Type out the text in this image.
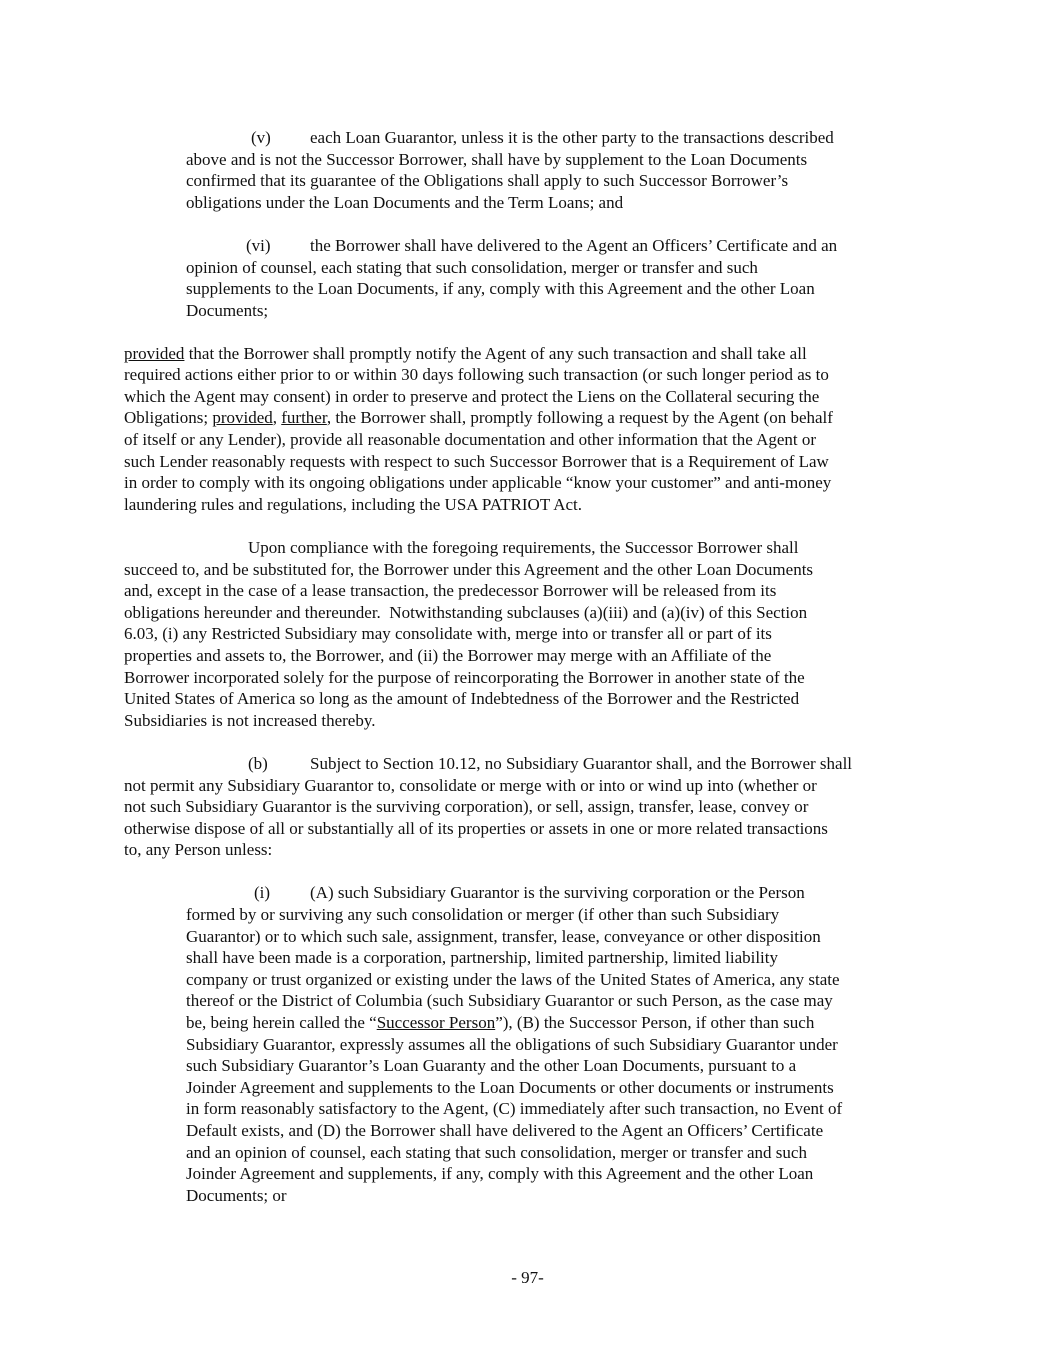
(v) each Loan Guarantor, unless it is the other party to the transactions described
above and is not the Successor Borrower, shall have by supplement to the Loan Documents
confirmed that its guarantee of the Obligations shall apply to such Successor Borrower’s
obligations under the Loan Documents and the Term Loans; and
(vi) the Borrower shall have delivered to the Agent an Officers’ Certificate and an
opinion of counsel, each stating that such consolidation, merger or transfer and such
supplements to the Loan Documents, if any, comply with this Agreement and the other Loan
Documents;
provided that the Borrower shall promptly notify the Agent of any such transaction and shall take all
required actions either prior to or within 30 days following such transaction (or such longer period as to
which the Agent may consent) in order to preserve and protect the Liens on the Collateral securing the
Obligations; provided, further, the Borrower shall, promptly following a request by the Agent (on behalf
of itself or any Lender), provide all reasonable documentation and other information that the Agent or
such Lender reasonably requests with respect to such Successor Borrower that is a Requirement of Law
in order to comply with its ongoing obligations under applicable “know your customer” and anti-money
laundering rules and regulations, including the USA PATRIOT Act.
Upon compliance with the foregoing requirements, the Successor Borrower shall
succeed to, and be substituted for, the Borrower under this Agreement and the other Loan Documents
and, except in the case of a lease transaction, the predecessor Borrower will be released from its
obligations hereunder and thereunder.  Notwithstanding subclauses (a)(iii) and (a)(iv) of this Section
6.03, (i) any Restricted Subsidiary may consolidate with, merge into or transfer all or part of its
properties and assets to, the Borrower, and (ii) the Borrower may merge with an Affiliate of the
Borrower incorporated solely for the purpose of reincorporating the Borrower in another state of the
United States of America so long as the amount of Indebtedness of the Borrower and the Restricted
Subsidiaries is not increased thereby.
(b) Subject to Section 10.12, no Subsidiary Guarantor shall, and the Borrower shall
not permit any Subsidiary Guarantor to, consolidate or merge with or into or wind up into (whether or
not such Subsidiary Guarantor is the surviving corporation), or sell, assign, transfer, lease, convey or
otherwise dispose of all or substantially all of its properties or assets in one or more related transactions
to, any Person unless:
(i) (A) such Subsidiary Guarantor is the surviving corporation or the Person
formed by or surviving any such consolidation or merger (if other than such Subsidiary
Guarantor) or to which such sale, assignment, transfer, lease, conveyance or other disposition
shall have been made is a corporation, partnership, limited partnership, limited liability
company or trust organized or existing under the laws of the United States of America, any state
thereof or the District of Columbia (such Subsidiary Guarantor or such Person, as the case may
be, being herein called the “Successor Person”), (B) the Successor Person, if other than such
Subsidiary Guarantor, expressly assumes all the obligations of such Subsidiary Guarantor under
such Subsidiary Guarantor’s Loan Guaranty and the other Loan Documents, pursuant to a
Joinder Agreement and supplements to the Loan Documents or other documents or instruments
in form reasonably satisfactory to the Agent, (C) immediately after such transaction, no Event of
Default exists, and (D) the Borrower shall have delivered to the Agent an Officers’ Certificate
and an opinion of counsel, each stating that such consolidation, merger or transfer and such
Joinder Agreement and supplements, if any, comply with this Agreement and the other Loan
Documents; or
- 97-
